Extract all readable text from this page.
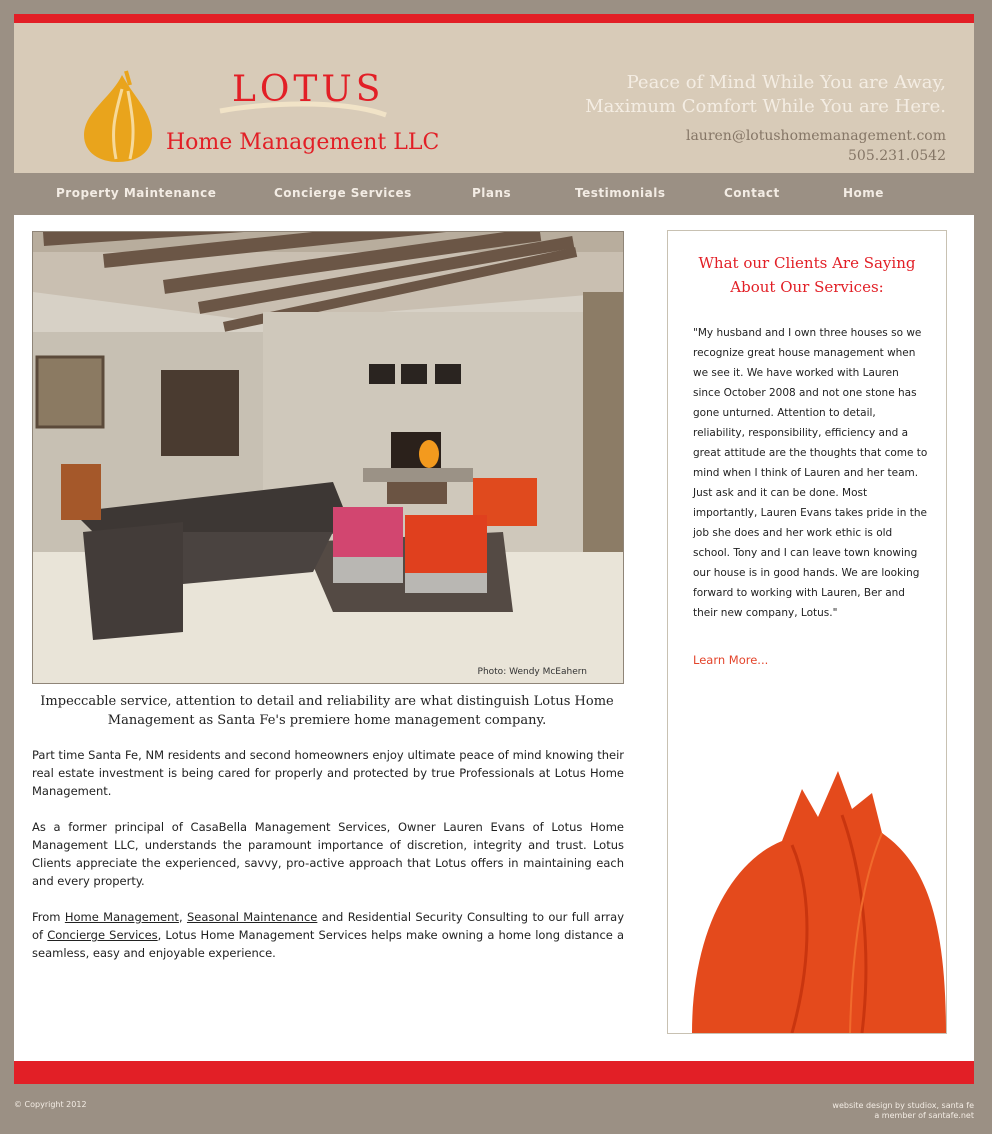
LOTUS
Home Management LLC
Peace of Mind While You are Away,
Maximum Comfort While You are Here.
lauren@lotushomemanagement.com
505.231.0542
Property Maintenance	Concierge Services	Plans	Testimonials	Contact	Home
Photo: Wendy McEahern
Impeccable service, attention to detail and reliability are what distinguish Lotus Home Management as Santa Fe's premiere home management company.

Part time Santa Fe, NM residents and second homeowners enjoy ultimate peace of mind knowing their real estate investment is being cared for properly and protected by true Professionals at Lotus Home Management.

As a former principal of CasaBella Management Services, Owner Lauren Evans of Lotus Home Management LLC, understands the paramount importance of discretion, integrity and trust. Lotus Clients appreciate the experienced, savvy, pro-active approach that Lotus offers in maintaining each and every property.

From Home Management, Seasonal Maintenance and Residential Security Consulting to our full array of Concierge Services, Lotus Home Management Services helps make owning a home long distance a seamless, easy and enjoyable experience.

What our Clients Are Saying
About Our Services:
"My husband and I own three houses so we recognize great house management when we see it. We have worked with Lauren since October 2008 and not one stone has gone unturned. Attention to detail, reliability, responsibility, efficiency and a great attitude are the thoughts that come to mind when I think of Lauren and her team. Just ask and it can be done. Most importantly, Lauren Evans takes pride in the job she does and her work ethic is old school. Tony and I can leave town knowing our house is in good hands. We are looking forward to working with Lauren, Ber and their new company, Lotus."
Learn More...
© Copyright 2012	website design by studiox, santa fe
a member of santafe.net
